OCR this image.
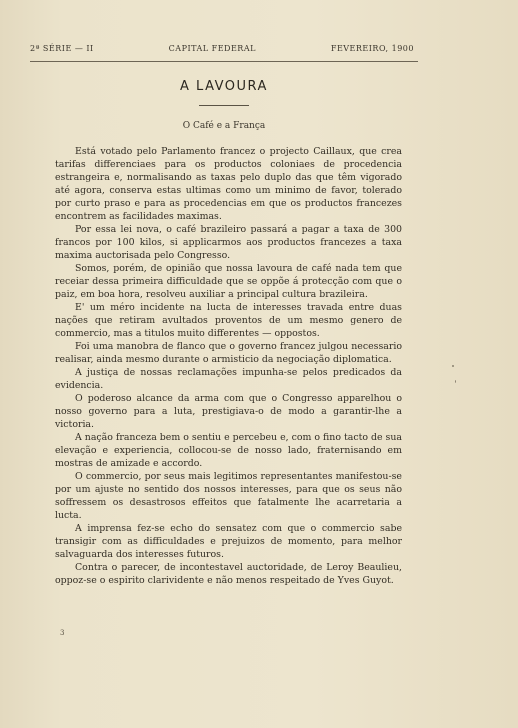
2ª SÉRIE — II	CAPITAL FEDERAL	FEVEREIRO, 1900
A LAVOURA
O Café e a França

Está votado pelo Parlamento francez o projecto Caillaux, que crea tarifas differenciaes para os productos coloniaes de procedencia estrangeira e, normalisando as taxas pelo duplo das que têm vigorado até agora, conserva estas ultimas como um minimo de favor, tolerado por curto praso e para as procedencias em que os productos francezes encontrem as facilidades maximas.

Por essa lei nova, o café brazileiro passará a pagar a taxa de 300 francos por 100 kilos, si applicarmos aos productos francezes a taxa maxima auctorisada pelo Congresso.

Somos, porém, de opinião que nossa lavoura de café nada tem que receiar dessa primeira difficuldade que se oppõe á protecção com que o paiz, em boa hora, resolveu auxiliar a principal cultura brazileira.

E' um méro incidente na lucta de interesses travada entre duas nações que retiram avultados proventos de um mesmo genero de commercio, mas a titulos muito differentes — oppostos.

Foi uma manobra de flanco que o governo francez julgou necessario realisar, ainda mesmo durante o armisticio da negociação diplomatica.

A justiça de nossas reclamações impunha-se pelos predicados da evidencia.

O poderoso alcance da arma com que o Congresso apparelhou o nosso governo para a luta, prestigiava-o de modo a garantir-lhe a victoria.

A nação franceza bem o sentiu e percebeu e, com o fino tacto de sua elevação e experiencia, collocou-se de nosso lado, fraternisando em mostras de amizade e accordo.

O commercio, por seus mais legitimos representantes manifestou-se por um ajuste no sentido dos nossos interesses, para que os seus não soffressem os desastrosos effeitos que fatalmente lhe acarretaria a lucta.

A imprensa fez-se echo do sensatez com que o commercio sabe transigir com as difficuldades e prejuizos de momento, para melhor salvaguarda dos interesses futuros.

Contra o parecer, de incontestavel auctoridade, de Leroy Beaulieu, oppoz-se o espirito clarividente e não menos respeitado de Yves Guyot.

3
